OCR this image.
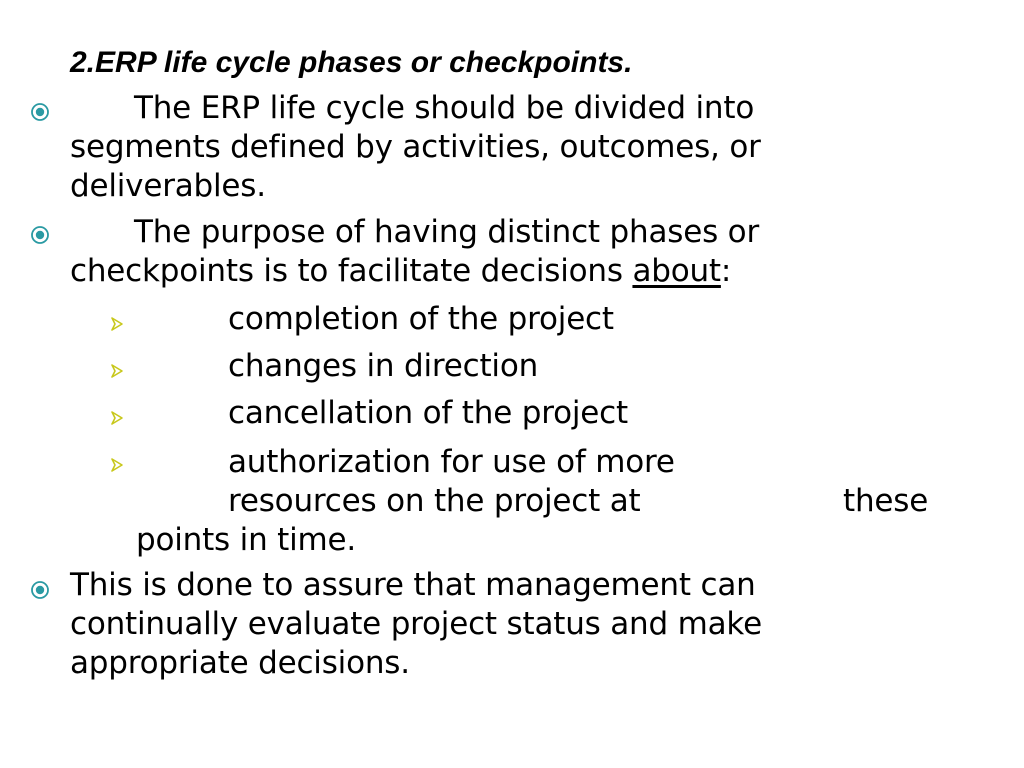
2.ERP life cycle phases or checkpoints.
The ERP life cycle should be divided into
segments defined by activities, outcomes, or
deliverables.
The purpose of having distinct phases or
checkpoints is to facilitate decisions about:
completion of the project
changes in direction
cancellation of the project
authorization for use of more
resources on the project at	these
points in time.
This is done to assure that management can
continually evaluate project status and make
appropriate decisions.
